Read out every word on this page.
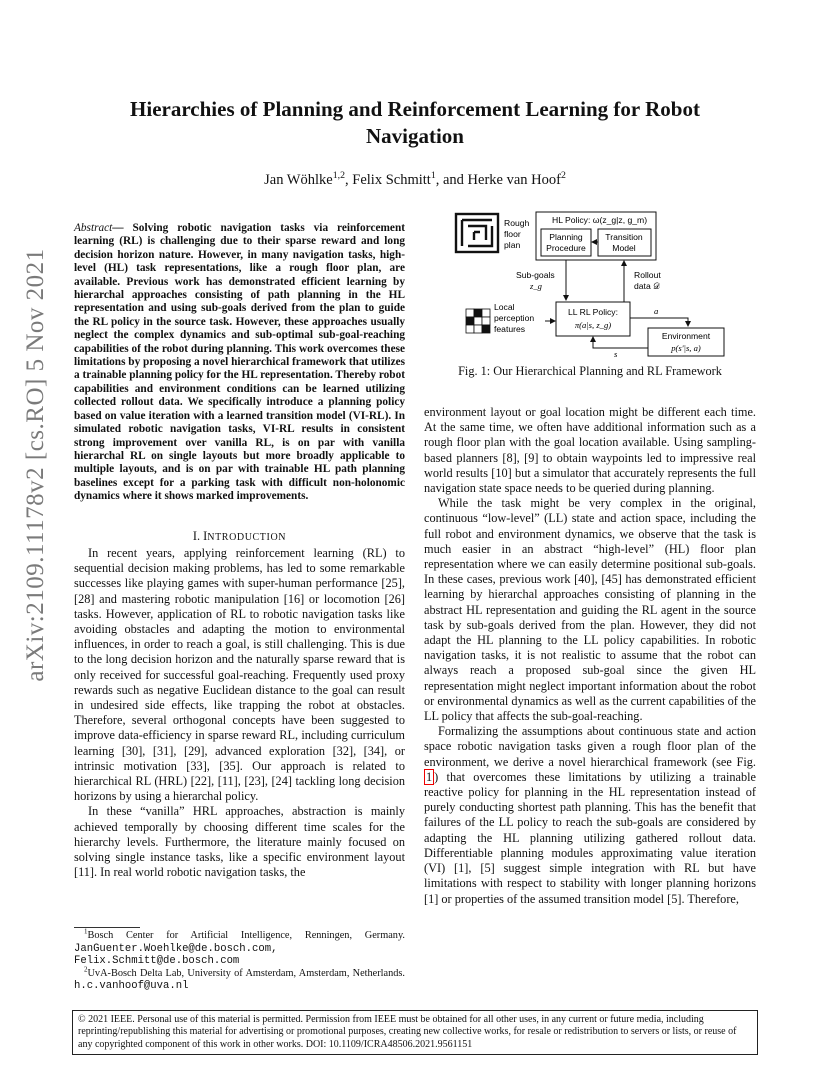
arXiv:2109.11178v2 [cs.RO] 5 Nov 2021
Hierarchies of Planning and Reinforcement Learning for Robot
Navigation
Jan Wöhlke$^{1,2}$, Felix Schmitt$^1$, and Herke van Hoof$^2$
Abstract— Solving robotic navigation tasks via reinforcement learning (RL) is challenging due to their sparse reward and long decision horizon nature. However, in many navigation tasks, high-level (HL) task representations, like a rough floor plan, are available. Previous work has demonstrated efficient learning by hierarchal approaches consisting of path planning in the HL representation and using sub-goals derived from the plan to guide the RL policy in the source task. However, these approaches usually neglect the complex dynamics and sub-optimal sub-goal-reaching capabilities of the robot during planning. This work overcomes these limitations by proposing a novel hierarchical framework that utilizes a trainable planning policy for the HL representation. Thereby robot capabilities and environment conditions can be learned utilizing collected rollout data. We specifically introduce a planning policy based on value iteration with a learned transition model (VI-RL). In simulated robotic navigation tasks, VI-RL results in consistent strong improvement over vanilla RL, is on par with vanilla hierarchal RL on single layouts but more broadly applicable to multiple layouts, and is on par with trainable HL path planning baselines except for a parking task with difficult non-holonomic dynamics where it shows marked improvements.
I. INTRODUCTION

In recent years, applying reinforcement learning (RL) to sequential decision making problems, has led to some remarkable successes like playing games with super-human performance [25], [28] and mastering robotic manipulation [16] or locomotion [26] tasks. However, application of RL to robotic navigation tasks like avoiding obstacles and adapting the motion to environmental influences, in order to reach a goal, is still challenging. This is due to the long decision horizon and the naturally sparse reward that is only received for successful goal-reaching. Frequently used proxy rewards such as negative Euclidean distance to the goal can result in undesired side effects, like trapping the robot at obstacles. Therefore, several orthogonal concepts have been suggested to improve data-efficiency in sparse reward RL, including curriculum learning [30], [31], [29], advanced exploration [32], [34], or intrinsic motivation [33], [35]. Our approach is related to hierarchical RL (HRL) [22], [11], [23], [24] tackling long decision horizons by using a hierarchal policy.

In these “vanilla” HRL approaches, abstraction is mainly achieved temporally by choosing different time scales for the hierarchy levels. Furthermore, the literature mainly focused on solving single instance tasks, like a specific environment layout [11]. In real world robotic navigation tasks, the

$^1$Bosch Center for Artificial Intelligence, Renningen, Germany. JanGuenter.Woehlke@de.bosch.com, Felix.Schmitt@de.bosch.com
$^2$UvA-Bosch Delta Lab, University of Amsterdam, Amsterdam, Netherlands. h.c.vanhoof@uva.nl
Rough
floor
plan
HL Policy: ω(z_g|z, g_m)
Planning
Procedure
Transition
Model
Sub-goals
z_g
Rollout
data 𝒟
Local
perception
features
LL RL Policy:
π(a|s, z_g)
a
Environment
p(s′|s, a)
s
Fig. 1: Our Hierarchical Planning and RL Framework

environment layout or goal location might be different each time. At the same time, we often have additional information such as a rough floor plan with the goal location available. Using sampling-based planners [8], [9] to obtain waypoints led to impressive real world results [10] but a simulator that accurately represents the full navigation state space needs to be queried during planning.

While the task might be very complex in the original, continuous “low-level” (LL) state and action space, including the full robot and environment dynamics, we observe that the task is much easier in an abstract “high-level” (HL) floor plan representation where we can easily determine positional sub-goals. In these cases, previous work [40], [45] has demonstrated efficient learning by hierarchal approaches consisting of planning in the abstract HL representation and guiding the RL agent in the source task by sub-goals derived from the plan. However, they did not adapt the HL planning to the LL policy capabilities. In robotic navigation tasks, it is not realistic to assume that the robot can always reach a proposed sub-goal since the given HL representation might neglect important information about the robot or environmental dynamics as well as the current capabilities of the LL policy that affects the sub-goal-reaching.

Formalizing the assumptions about continuous state and action space robotic navigation tasks given a rough floor plan of the environment, we derive a novel hierarchical framework (see Fig. 1 ) that overcomes these limitations by utilizing a trainable reactive policy for planning in the HL representation instead of purely conducting shortest path planning. This has the benefit that failures of the LL policy to reach the sub-goals are considered by adapting the HL planning utilizing gathered rollout data. Differentiable planning modules approximating value iteration (VI) [1], [5] suggest simple integration with RL but have limitations with respect to stability with longer planning horizons [1] or properties of the assumed transition model [5]. Therefore,

© 2021 IEEE. Personal use of this material is permitted. Permission from IEEE must be obtained for all other uses, in any current or future media, including reprinting/republishing this material for advertising or promotional purposes, creating new collective works, for resale or redistribution to servers or lists, or reuse of any copyrighted component of this work in other works. DOI: 10.1109/ICRA48506.2021.9561151
